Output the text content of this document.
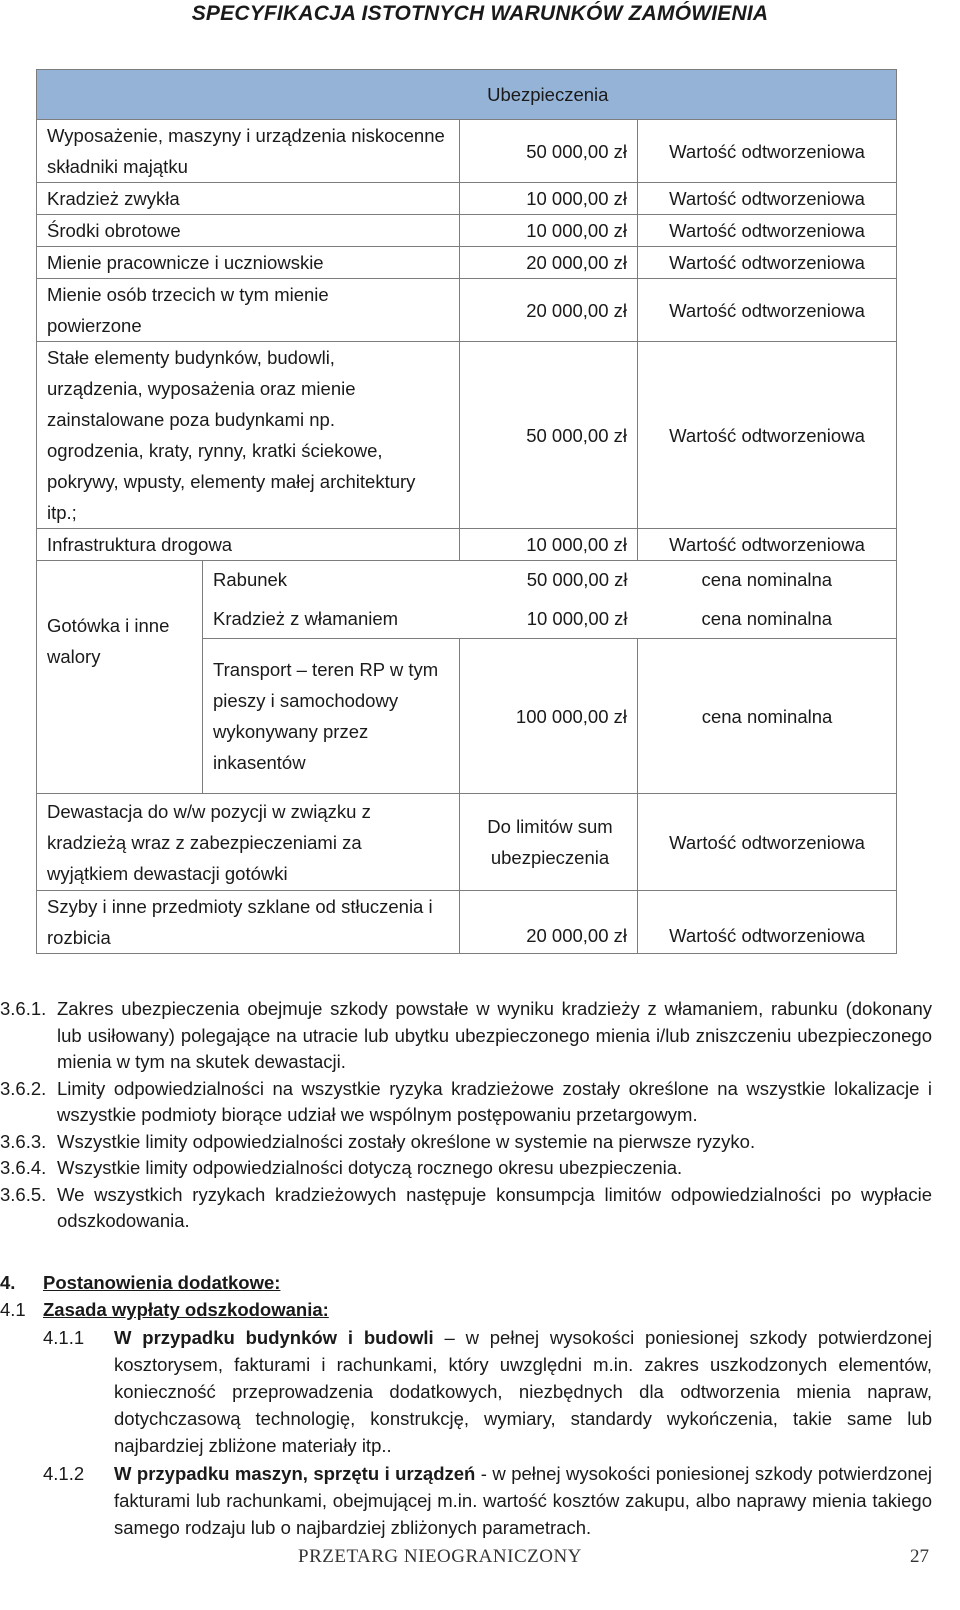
SPECYFIKACJA ISTOTNYCH WARUNKÓW ZAMÓWIENIA
		Ubezpieczenia	
Wyposażenie, maszyny i urządzenia niskocenne składniki majątku		50 000,00 zł	Wartość odtworzeniowa
Kradzież zwykła		10 000,00 zł	Wartość odtworzeniowa
Środki obrotowe		10 000,00 zł	Wartość odtworzeniowa
Mienie pracownicze i uczniowskie		20 000,00 zł	Wartość odtworzeniowa

Mienie osób trzecich w tym mienie powierzone		20 000,00 zł	Wartość odtworzeniowa

Stałe elementy budynków, budowli, urządzenia, wyposażenia oraz mienie zainstalowane poza budynkami np. ogrodzenia, kraty, rynny, kratki ściekowe, pokrywy, wpusty, elementy małej architektury itp.;		50 000,00 zł	Wartość odtworzeniowa
Infrastruktura drogowa		10 000,00 zł	Wartość odtworzeniowa

Gotówka i inne walory	Rabunek	50 000,00 zł	cena nominalna
	Kradzież z włamaniem	10 000,00 zł	cena nominalna
	Transport – teren RP w tym pieszy i samochodowy wykonywany przez inkasentów	100 000,00 zł	cena nominalna

Dewastacja do w/w pozycji w związku z kradzieżą wraz z zabezpieczeniami za wyjątkiem dewastacji gotówki		Do limitów sum ubezpieczenia	Wartość odtworzeniowa

Szyby i inne przedmioty szklane od stłuczenia i rozbicia		20 000,00 zł	Wartość odtworzeniowa
3.6.1. Zakres ubezpieczenia obejmuje szkody powstałe w wyniku kradzieży z włamaniem, rabunku (dokonany lub usiłowany) polegające na utracie lub ubytku ubezpieczonego mienia i/lub zniszczeniu ubezpieczonego mienia w tym na skutek dewastacji.
3.6.2. Limity odpowiedzialności na wszystkie ryzyka kradzieżowe zostały określone na wszystkie lokalizacje i wszystkie podmioty biorące udział we wspólnym postępowaniu przetargowym.
3.6.3. Wszystkie limity odpowiedzialności zostały określone w systemie na pierwsze ryzyko.
3.6.4. Wszystkie limity odpowiedzialności dotyczą rocznego okresu ubezpieczenia.
3.6.5. We wszystkich ryzykach kradzieżowych następuje konsumpcja limitów odpowiedzialności po wypłacie odszkodowania.
4. Postanowienia dodatkowe:
4.1 Zasada wypłaty odszkodowania:
4.1.1	W przypadku budynków i budowli – w pełnej wysokości poniesionej szkody potwierdzonej kosztorysem, fakturami i rachunkami, który uwzględni m.in. zakres uszkodzonych elementów, konieczność przeprowadzenia dodatkowych, niezbędnych dla odtworzenia mienia napraw, dotychczasową technologię, konstrukcję, wymiary, standardy wykończenia, takie same lub najbardziej zbliżone materiały itp..
4.1.2	W przypadku maszyn, sprzętu i urządzeń - w pełnej wysokości poniesionej szkody potwierdzonej fakturami lub rachunkami, obejmującej m.in. wartość kosztów zakupu, albo naprawy mienia takiego samego rodzaju lub o najbardziej zbliżonych parametrach.
PRZETARG NIEOGRANICZONY	27
